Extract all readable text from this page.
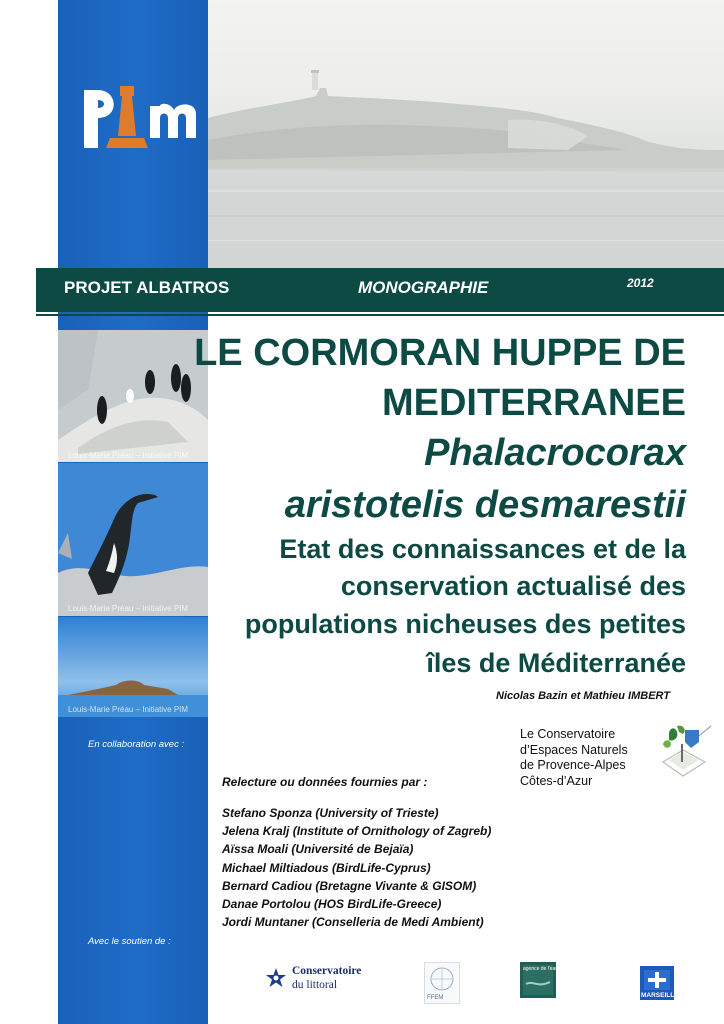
PROJET ALBATROS	MONOGRAPHIE	2012
Louis-Marie Préau – Initiative PIM
Louis-Marie Préau – Initiative PIM
Louis-Marie Préau – Initiative PIM
LE CORMORAN HUPPE DE
MEDITERRANEE
Phalacrocorax
aristotelis desmarestii
Etat des connaissances et de la
conservation actualisé des
populations nicheuses des petites
îles de Méditerranée
Nicolas Bazin et Mathieu IMBERT
En collaboration avec :
Le Conservatoire
d’Espaces Naturels
de Provence-Alpes
Côtes-d’Azur
Relecture ou données fournies par :
Stefano Sponza (University of Trieste)
Jelena Kralj (Institute of Ornithology of Zagreb)
Aïssa Moali (Université de Bejaïa)
Michael Miltiadous (BirdLife-Cyprus)
Bernard Cadiou (Bretagne Vivante & GISOM)
Danae Portolou (HOS BirdLife-Greece)
Jordi Muntaner (Conselleria de Medi Ambient)
Avec le soutien de :
Conservatoire
du littoral
FFEM
agence de l'eau
MARSEILLE
